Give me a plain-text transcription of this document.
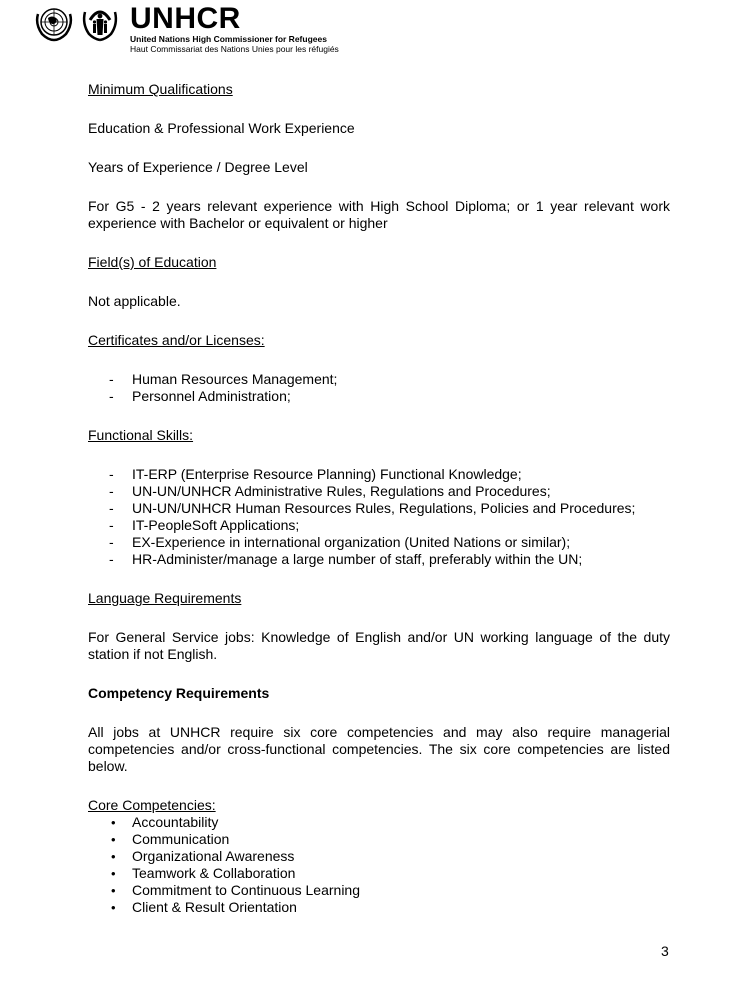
UNHCR
United Nations High Commissioner for Refugees
Haut Commissariat des Nations Unies pour les réfugiés

Minimum Qualifications

Education & Professional Work Experience

Years of Experience / Degree Level

For G5 - 2 years relevant experience with High School Diploma; or 1 year relevant work experience with Bachelor or equivalent or higher

Field(s) of Education

Not applicable.

Certificates and/or Licenses:

- Human Resources Management;
- Personnel Administration;

Functional Skills:

- IT-ERP (Enterprise Resource Planning) Functional Knowledge;
- UN-UN/UNHCR Administrative Rules, Regulations and Procedures;
- UN-UN/UNHCR Human Resources Rules, Regulations, Policies and Procedures;
- IT-PeopleSoft Applications;
- EX-Experience in international organization (United Nations or similar);
- HR-Administer/manage a large number of staff, preferably within the UN;

Language Requirements

For General Service jobs: Knowledge of English and/or UN working language of the duty station if not English.

Competency Requirements

All jobs at UNHCR require six core competencies and may also require managerial competencies and/or cross-functional competencies. The six core competencies are listed below.

Core Competencies:

• Accountability
• Communication
• Organizational Awareness
• Teamwork & Collaboration
• Commitment to Continuous Learning
• Client & Result Orientation
3
